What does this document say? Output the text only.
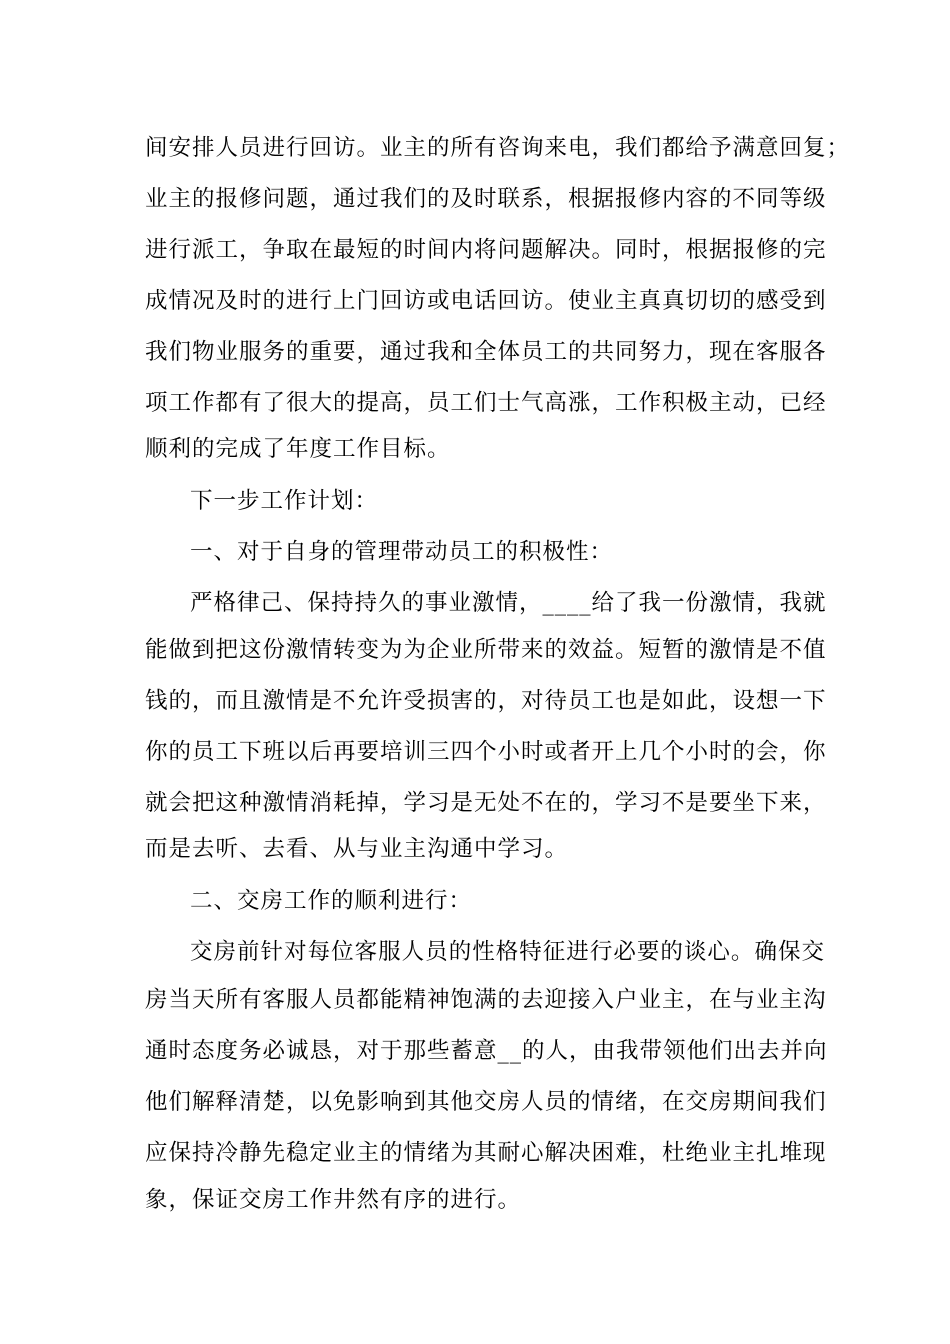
间安排人员进行回访。业主的所有咨询来电，我们都给予满意回复；
业主的报修问题，通过我们的及时联系，根据报修内容的不同等级
进行派工，争取在最短的时间内将问题解决。同时，根据报修的完
成情况及时的进行上门回访或电话回访。使业主真真切切的感受到
我们物业服务的重要，通过我和全体员工的共同努力，现在客服各
项工作都有了很大的提高，员工们士气高涨，工作积极主动，已经
顺利的完成了年度工作目标。
下一步工作计划：
一、对于自身的管理带动员工的积极性：
严格律己、保持持久的事业激情，____给了我一份激情，我就
能做到把这份激情转变为为企业所带来的效益。短暂的激情是不值
钱的，而且激情是不允许受损害的，对待员工也是如此，设想一下
你的员工下班以后再要培训三四个小时或者开上几个小时的会，你
就会把这种激情消耗掉，学习是无处不在的，学习不是要坐下来，
而是去听、去看、从与业主沟通中学习。
二、交房工作的顺利进行：
交房前针对每位客服人员的性格特征进行必要的谈心。确保交
房当天所有客服人员都能精神饱满的去迎接入户业主，在与业主沟
通时态度务必诚恳，对于那些蓄意__的人，由我带领他们出去并向
他们解释清楚，以免影响到其他交房人员的情绪，在交房期间我们
应保持冷静先稳定业主的情绪为其耐心解决困难，杜绝业主扎堆现
象，保证交房工作井然有序的进行。
